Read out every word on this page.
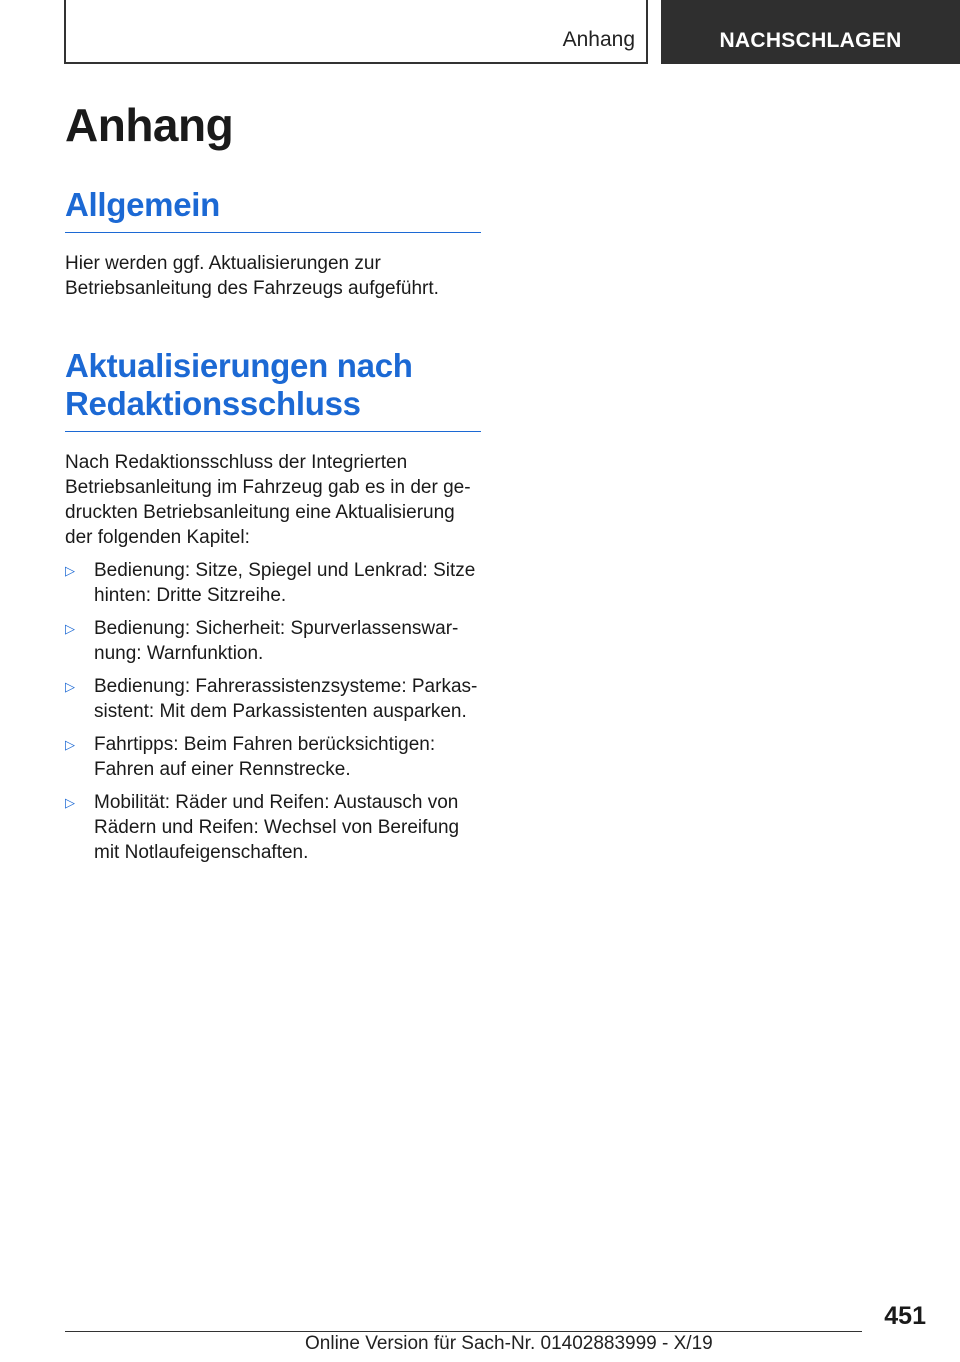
Anhang	NACHSCHLAGEN
Anhang
Allgemein

Hier werden ggf. Aktualisierungen zur Betriebsanleitung des Fahrzeugs aufgeführt.

Aktualisierungen nach
Redaktionsschluss

Nach Redaktionsschluss der Integrierten Betriebsanleitung im Fahrzeug gab es in der gedruckten Betriebsanleitung eine Aktualisierung der folgenden Kapitel:

▷ Bedienung: Sitze, Spiegel und Lenkrad: Sitze hinten: Dritte Sitzreihe.
▷ Bedienung: Sicherheit: Spurverlassenswarnung: Warnfunktion.
▷ Bedienung: Fahrerassistenzsysteme: Parkassistent: Mit dem Parkassistenten ausparken.
▷ Fahrtipps: Beim Fahren berücksichtigen: Fahren auf einer Rennstrecke.
▷ Mobilität: Räder und Reifen: Austausch von Rädern und Reifen: Wechsel von Bereifung mit Notlaufeigenschaften.
451
Online Version für Sach-Nr. 01402883999 - X/19
